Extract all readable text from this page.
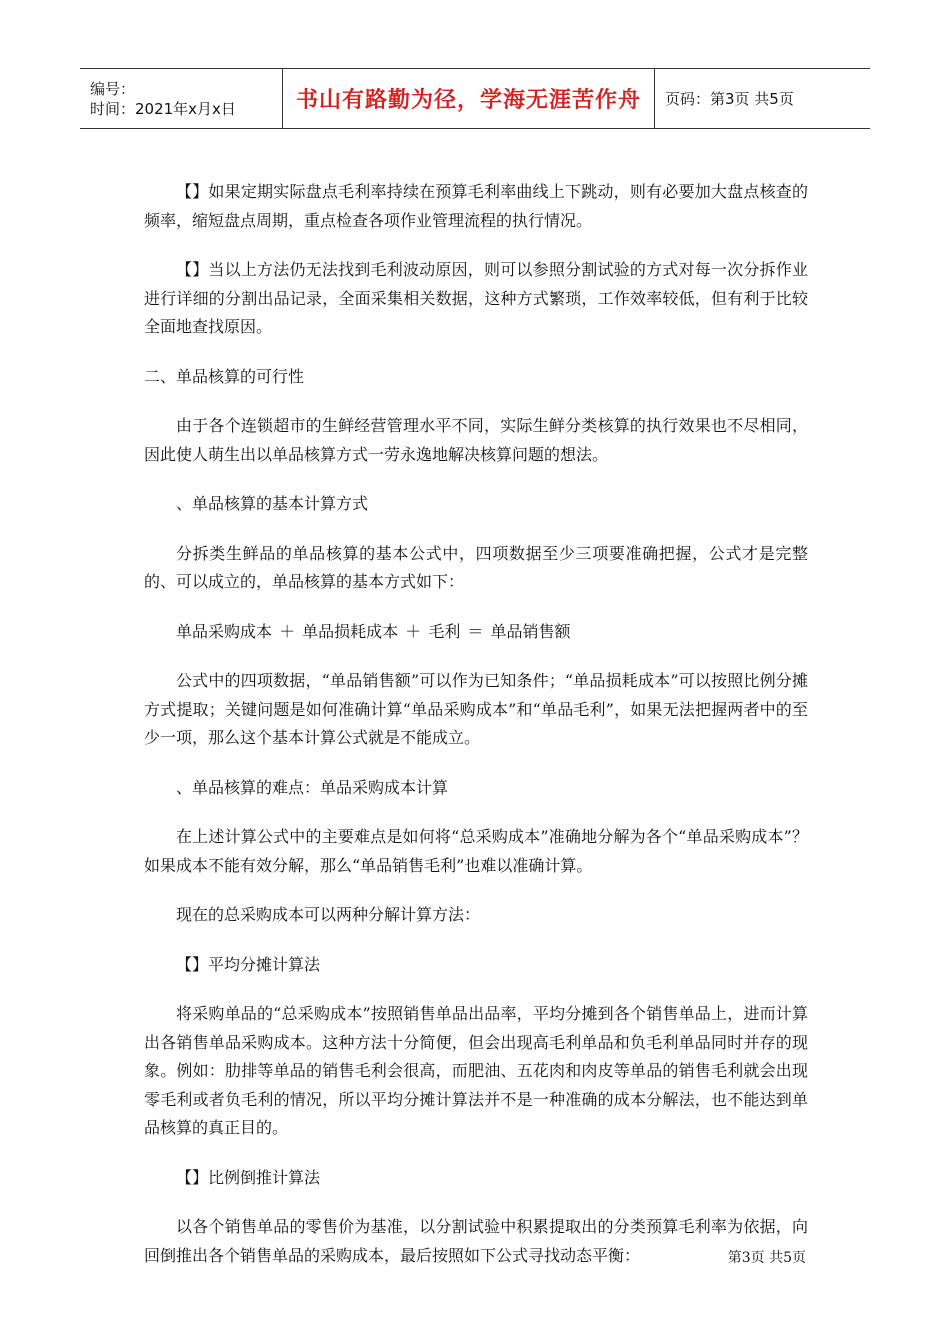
编号：
时间：2021年x月x日	书山有路勤为径，学海无涯苦作舟	页码：第3页 共5页

【】如果定期实际盘点毛利率持续在预算毛利率曲线上下跳动，则有必要加大盘点核查的频率，缩短盘点周期，重点检查各项作业管理流程的执行情况。

【】当以上方法仍无法找到毛利波动原因，则可以参照分割试验的方式对每一次分拆作业进行详细的分割出品记录，全面采集相关数据，这种方式繁琐，工作效率较低，但有利于比较全面地查找原因。

二、单品核算的可行性

由于各个连锁超市的生鲜经营管理水平不同，实际生鲜分类核算的执行效果也不尽相同，因此使人萌生出以单品核算方式一劳永逸地解决核算问题的想法。

、单品核算的基本计算方式

分拆类生鲜品的单品核算的基本公式中，四项数据至少三项要准确把握，公式才是完整的、可以成立的，单品核算的基本方式如下：

单品采购成本 ＋ 单品损耗成本 ＋ 毛利 ＝ 单品销售额

公式中的四项数据，“单品销售额”可以作为已知条件；“单品损耗成本”可以按照比例分摊方式提取；关键问题是如何准确计算“单品采购成本”和“单品毛利”，如果无法把握两者中的至少一项，那么这个基本计算公式就是不能成立。

、单品核算的难点：单品采购成本计算

在上述计算公式中的主要难点是如何将“总采购成本”准确地分解为各个“单品采购成本”？如果成本不能有效分解，那么“单品销售毛利”也难以准确计算。

现在的总采购成本可以两种分解计算方法：

【】平均分摊计算法

将采购单品的“总采购成本”按照销售单品出品率，平均分摊到各个销售单品上，进而计算出各销售单品采购成本。这种方法十分简便，但会出现高毛利单品和负毛利单品同时并存的现象。例如：肋排等单品的销售毛利会很高，而肥油、五花肉和肉皮等单品的销售毛利就会出现零毛利或者负毛利的情况，所以平均分摊计算法并不是一种准确的成本分解法，也不能达到单品核算的真正目的。

【】比例倒推计算法

以各个销售单品的零售价为基准，以分割试验中积累提取出的分类预算毛利率为依据，向回倒推出各个销售单品的采购成本，最后按照如下公式寻找动态平衡：	第3页 共5页
